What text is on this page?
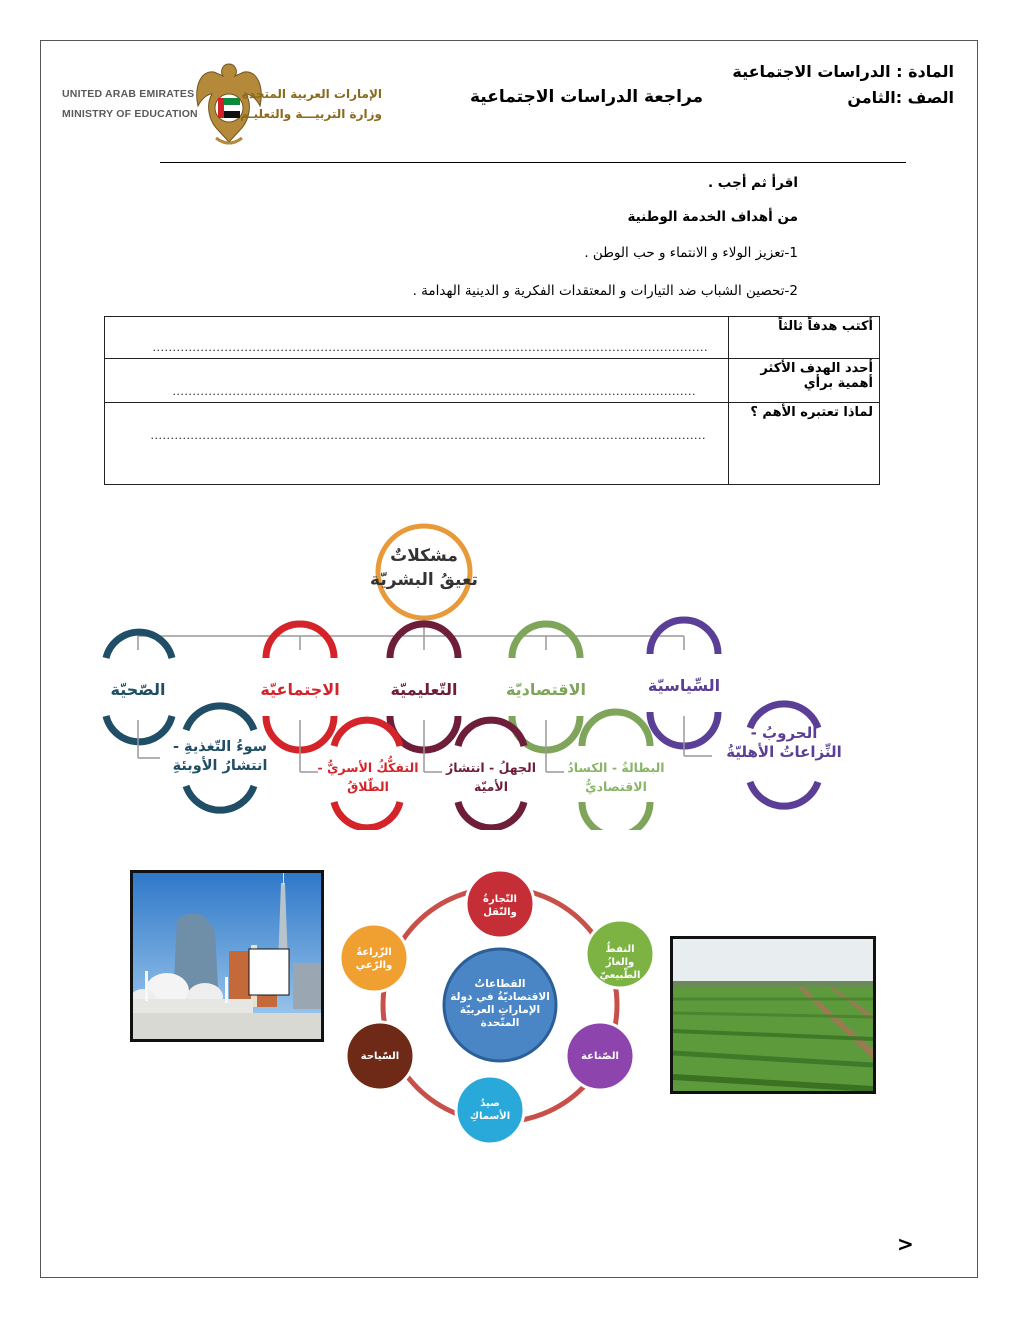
المادة : الدراسات الاجتماعية
الصف :الثامن
مراجعة الدراسات الاجتماعية
UNITED ARAB EMIRATES
MINISTRY OF EDUCATION
الإمارات العربية المتحدة
وزارة التربيـــة والتعليـم
اقرأ ثم أجب .
من أهداف الخدمة الوطنية
1-تعزيز الولاء و الانتماء و حب الوطن .
2-تحصين الشباب ضد التيارات و المعتقدات الفكرية و الدينية الهدامة .
أكتب هدفاً ثالثاً	...........................................................................................................................................

أحدد الهدف الأكثر أهمية برأي	...................................................................................................................................

لماذا تعتبره الأهم ؟	...........................................................................................................................................
مشكلاتٌ
تعيقُ البشريّة
السِّياسيّة
الاقتصاديّة
التّعليميّة
الاجتماعيّة
الصّحيّة
الحروبُ -
النِّزاعاتُ الأهليّةُ
البطالةُ - الكسادُ
الاقتصاديُّ
الجهلُ - انتشارُ
الأميّة
التفكُّكُ الأسريُّ -
الطّلاقُ
سوءُ التّغذيةِ -
انتشارُ الأوبئةِ
القطاعاتُ
الاقتصاديّةُ في دولة
الإماراتِ العربيّة
المتّحدة
التّجارةُ
والنّقل
النفطُ
والغازُ الطّبيعيّ
الصّناعة
صيدُ
الأسماكِ
السّياحة
الزّراعةُ
والرّعي
>
